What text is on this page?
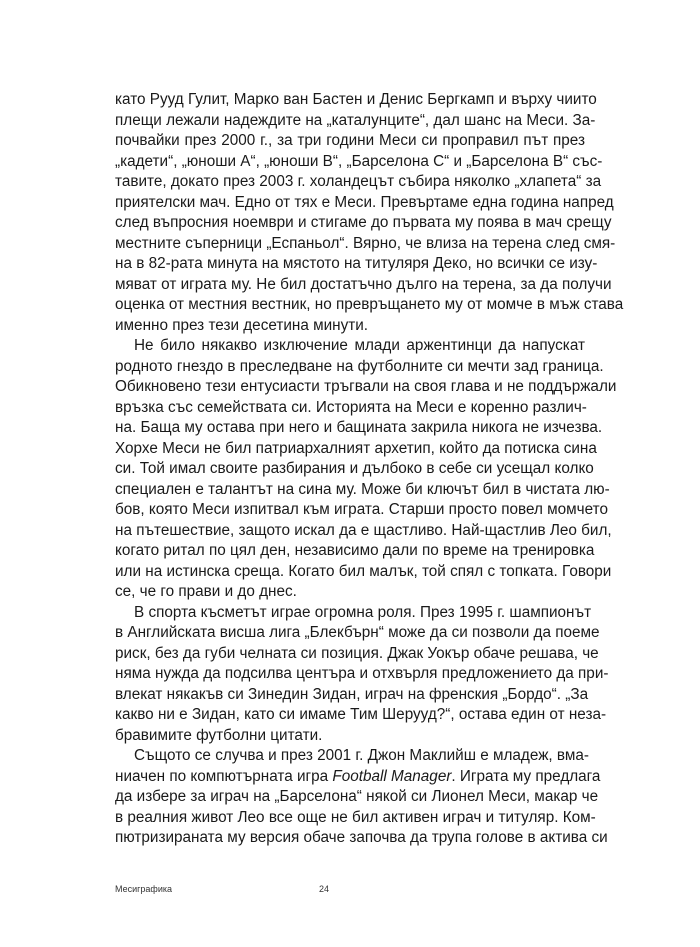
като Рууд Гулит, Марко ван Бастен и Денис Бергкамп и върху чиито
плещи лежали надеждите на „каталунците“, дал шанс на Меси. За-
почвайки през 2000 г., за три години Меси си проправил път през
„кадети“, „юноши А“, „юноши В“, „Барселона С“ и „Барселона В“ със-
тавите, докато през 2003 г. холандецът събира няколко „хлапета“ за
приятелски мач. Едно от тях е Меси. Превъртаме една година напред
след въпросния ноември и стигаме до първата му поява в мач срещу
местните съперници „Еспаньол“. Вярно, че влиза на терена след смя-
на в 82-рата минута на мястото на титуляря Деко, но всички се изу-
мяват от играта му. Не бил достатъчно дълго на терена, за да получи
оценка от местния вестник, но превръщането му от момче в мъж става
именно през тези десетина минути.
Не било някакво изключение млади аржентинци да напускат
родното гнездо в преследване на футболните си мечти зад граница.
Обикновено тези ентусиасти тръгвали на своя глава и не поддържали
връзка със семействата си. Историята на Меси е коренно различ-
на. Баща му остава при него и бащината закрила никога не изчезва.
Хорхе Меси не бил патриархалният архетип, който да потиска сина
си. Той имал своите разбирания и дълбоко в себе си усещал колко
специален е талантът на сина му. Може би ключът бил в чистата лю-
бов, която Меси изпитвал към играта. Старши просто повел момчето
на пътешествие, защото искал да е щастливо. Най-щастлив Лео бил,
когато ритал по цял ден, независимо дали по време на тренировка
или на истинска среща. Когато бил малък, той спял с топката. Говори
се, че го прави и до днес.
В спорта късметът играе огромна роля. През 1995 г. шампионът
в Английската висша лига „Блекбърн“ може да си позволи да поеме
риск, без да губи челната си позиция. Джак Уокър обаче решава, че
няма нужда да подсилва центъра и отхвърля предложението да при-
влекат някакъв си Зинедин Зидан, играч на френския „Бордо“. „За
какво ни е Зидан, като си имаме Тим Шерууд?“, остава един от неза-
бравимите футболни цитати.
Същото се случва и през 2001 г. Джон Маклийш е младеж, вма-
ниачен по компютърната игра Football Manager. Играта му предлага
да избере за играч на „Барселона“ някой си Лионел Меси, макар че
в реалния живот Лео все още не бил активен играч и титуляр. Ком-
пютризираната му версия обаче започва да трупа голове в актива си
Месиграфика	24
